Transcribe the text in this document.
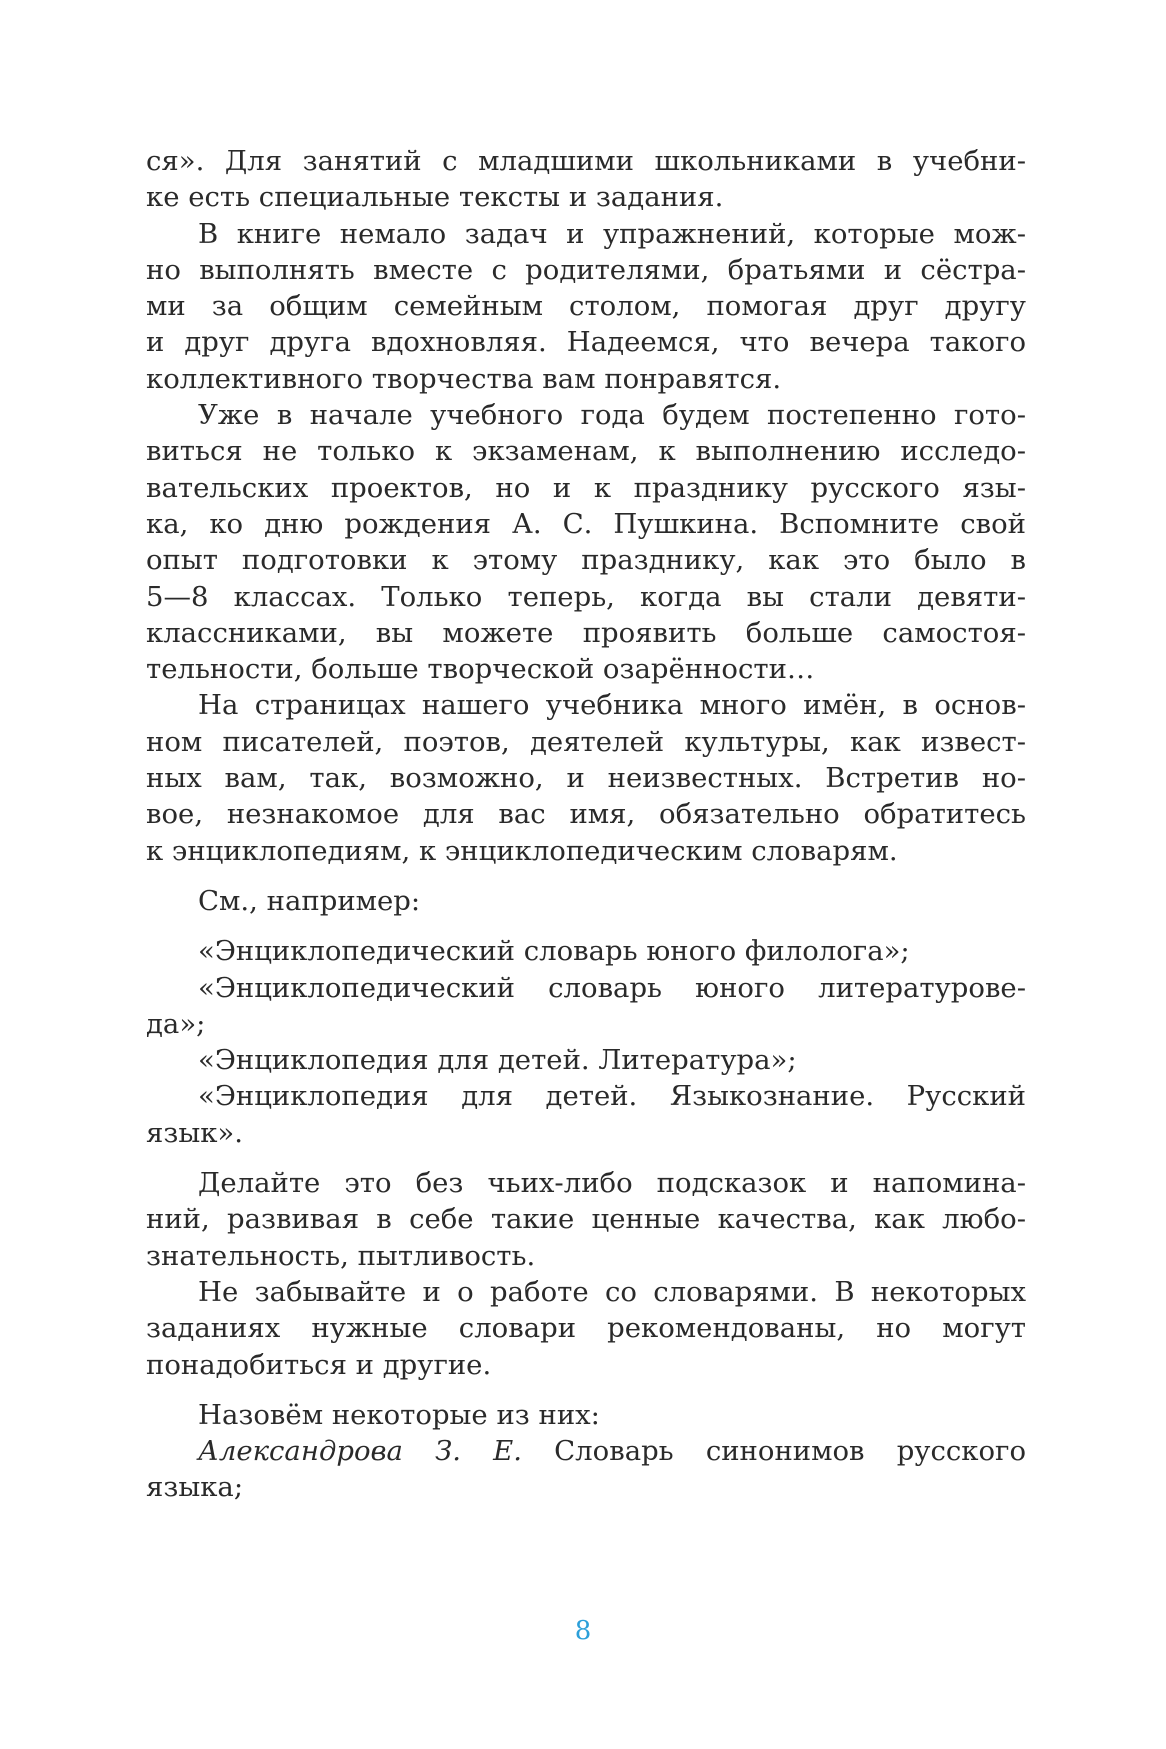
ся». Для занятий с младшими школьниками в учебни-
ке есть специальные тексты и задания.
В книге немало задач и упражнений, которые мож-
но выполнять вместе с родителями, братьями и сёстра-
ми за общим семейным столом, помогая друг другу
и друг друга вдохновляя. Надеемся, что вечера такого
коллективного творчества вам понравятся.
Уже в начале учебного года будем постепенно гото-
виться не только к экзаменам, к выполнению исследо-
вательских проектов, но и к празднику русского язы-
ка, ко дню рождения А. С. Пушкина. Вспомните свой
опыт подготовки к этому празднику, как это было в
5—8 классах. Только теперь, когда вы стали девяти-
классниками, вы можете проявить больше самостоя-
тельности, больше творческой озарённости…
На страницах нашего учебника много имён, в основ-
ном писателей, поэтов, деятелей культуры, как извест-
ных вам, так, возможно, и неизвестных. Встретив но-
вое, незнакомое для вас имя, обязательно обратитесь
к энциклопедиям, к энциклопедическим словарям.
См., например:
«Энциклопедический словарь юного филолога»;
«Энциклопедический словарь юного литературове-
да»;
«Энциклопедия для детей. Литература»;
«Энциклопедия для детей. Языкознание. Русский
язык».
Делайте это без чьих-либо подсказок и напомина-
ний, развивая в себе такие ценные качества, как любо-
знательность, пытливость.
Не забывайте и о работе со словарями. В некоторых
заданиях нужные словари рекомендованы, но могут
понадобиться и другие.
Назовём некоторые из них:
Александрова З. Е. Словарь синонимов русского
языка;
8
